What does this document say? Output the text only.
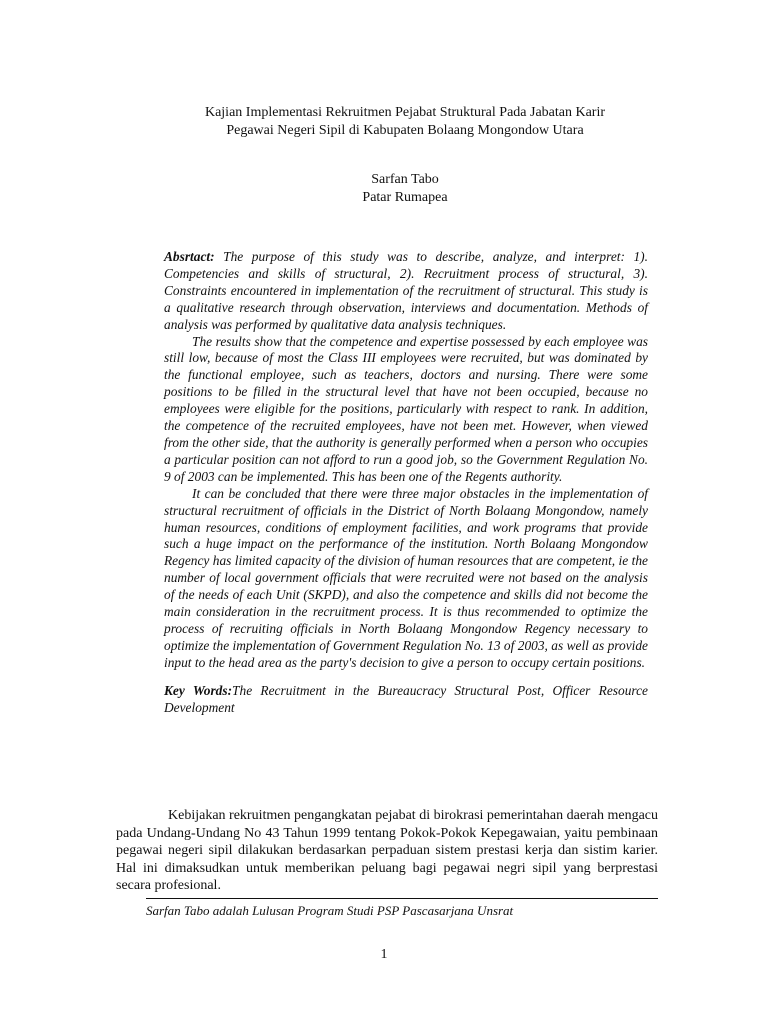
Kajian Implementasi Rekruitmen Pejabat Struktural Pada Jabatan Karir
Pegawai Negeri Sipil di Kabupaten Bolaang Mongondow Utara
Sarfan Tabo
Patar Rumapea

Absrtact: The purpose of this study was to describe, analyze, and interpret: 1). Competencies and skills of structural, 2). Recruitment process of structural, 3). Constraints encountered in implementation of the recruitment of structural. This study is a qualitative research through observation, interviews and documentation. Methods of analysis was performed by qualitative data analysis techniques.

The results show that the competence and expertise possessed by each employee was still low, because of most the Class III employees were recruited, but was dominated by the functional employee, such as teachers, doctors and nursing. There were some positions to be filled in the structural level that have not been occupied, because no employees were eligible for the positions, particularly with respect to rank. In addition, the competence of the recruited employees, have not been met. However, when viewed from the other side, that the authority is generally performed when a person who occupies a particular position can not afford to run a good job, so the Government Regulation No. 9 of 2003 can be implemented. This has been one of the Regents authority.

It can be concluded that there were three major obstacles in the implementation of structural recruitment of officials in the District of North Bolaang Mongondow, namely human resources, conditions of employment facilities, and work programs that provide such a huge impact on the performance of the institution. North Bolaang Mongondow Regency has limited capacity of the division of human resources that are competent, ie the number of local government officials that were recruited were not based on the analysis of the needs of each Unit (SKPD), and also the competence and skills did not become the main consideration in the recruitment process. It is thus recommended to optimize the process of recruiting officials in North Bolaang Mongondow Regency necessary to optimize the implementation of Government Regulation No. 13 of 2003, as well as provide input to the head area as the party's decision to give a person to occupy certain positions.

Key Words:The Recruitment in the Bureaucracy Structural Post, Officer Resource Development

Kebijakan rekruitmen pengangkatan pejabat di birokrasi pemerintahan daerah mengacu pada Undang-Undang No 43 Tahun 1999 tentang Pokok-Pokok Kepegawaian, yaitu pembinaan pegawai negeri sipil dilakukan berdasarkan perpaduan sistem prestasi kerja dan sistim karier. Hal ini dimaksudkan untuk memberikan peluang bagi pegawai negri sipil yang berprestasi secara profesional.

Sarfan Tabo adalah Lulusan Program Studi PSP Pascasarjana Unsrat
1
